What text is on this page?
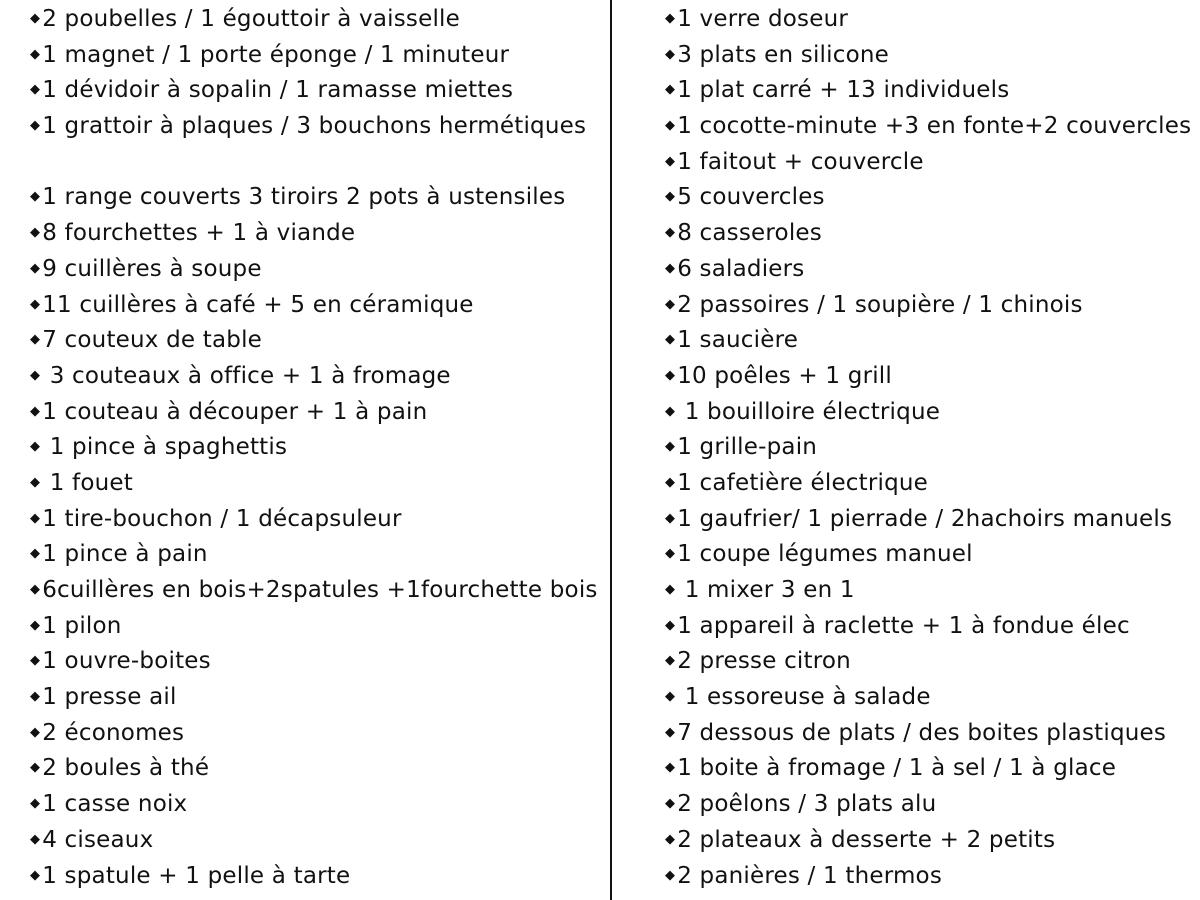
◆2 poubelles / 1 égouttoir à vaisselle
◆1 magnet / 1 porte éponge / 1 minuteur
◆1 dévidoir à sopalin / 1 ramasse miettes
◆1 grattoir à plaques / 3 bouchons hermétiques
◆1 range couverts 3 tiroirs 2 pots à ustensiles
◆8 fourchettes + 1 à viande
◆9 cuillères à soupe
◆11 cuillères à café + 5 en céramique
◆7 couteux de table
◆ 3 couteaux à office + 1 à fromage
◆1 couteau à découper + 1 à pain
◆ 1 pince à spaghettis
◆ 1 fouet
◆1 tire-bouchon / 1 décapsuleur
◆1 pince à pain
◆6cuillères en bois+2spatules +1fourchette bois
◆1 pilon
◆1 ouvre-boites
◆1 presse ail
◆2 économes
◆2 boules à thé
◆1 casse noix
◆4 ciseaux
◆1 spatule + 1 pelle à tarte
◆1 verre doseur
◆3 plats en silicone
◆1 plat carré + 13 individuels
◆1 cocotte-minute +3 en fonte+2 couvercles
◆1 faitout + couvercle
◆5 couvercles
◆8 casseroles
◆6 saladiers
◆2 passoires / 1 soupière / 1 chinois
◆1 saucière
◆10 poêles + 1 grill
◆ 1 bouilloire électrique
◆1 grille-pain
◆1 cafetière électrique
◆1 gaufrier/ 1 pierrade / 2hachoirs manuels
◆1 coupe légumes manuel
◆ 1 mixer 3 en 1
◆1 appareil à raclette + 1 à fondue élec
◆2 presse citron
◆ 1 essoreuse à salade
◆7 dessous de plats / des boites plastiques
◆1 boite à fromage / 1 à sel / 1 à glace
◆2 poêlons / 3 plats alu
◆2 plateaux à desserte + 2 petits
◆2 panières / 1 thermos
